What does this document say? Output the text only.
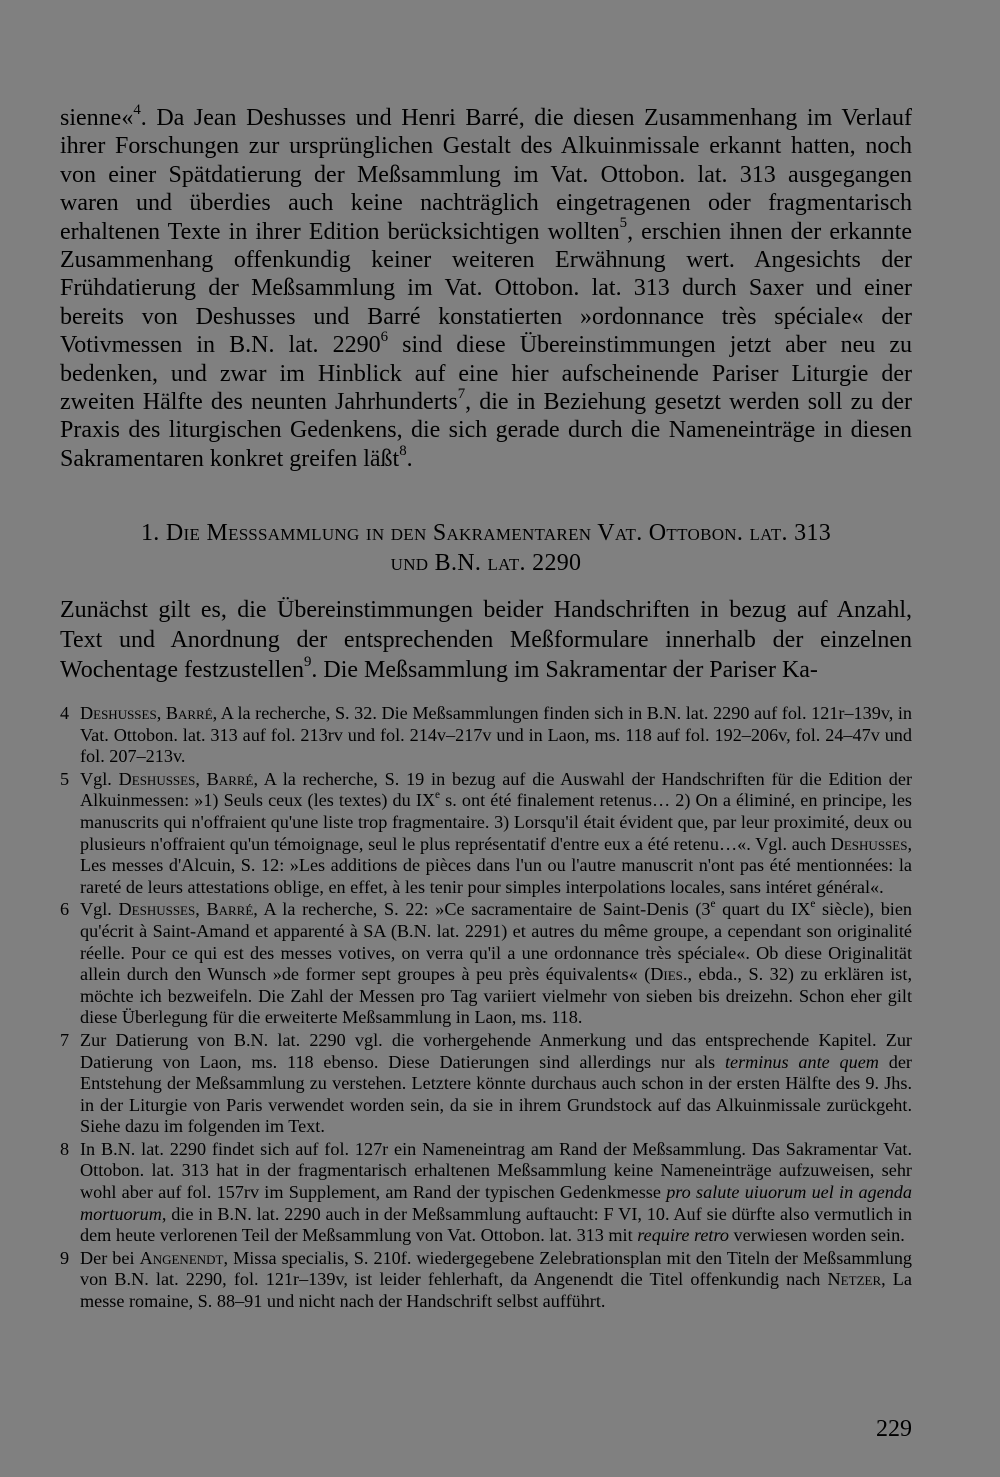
sienne«$^4$. Da Jean Deshusses und Henri Barré, die diesen Zusammenhang im Verlauf ihrer Forschungen zur ursprünglichen Gestalt des Alkuinmissale erkannt hatten, noch von einer Spätdatierung der Meßsammlung im Vat. Ottobon. lat. 313 ausgegangen waren und überdies auch keine nachträglich eingetragenen oder fragmentarisch erhaltenen Texte in ihrer Edition berücksichtigen wollten$^5$, erschien ihnen der erkannte Zusammenhang offenkundig keiner weiteren Erwähnung wert. Angesichts der Frühdatierung der Meßsammlung im Vat. Ottobon. lat. 313 durch Saxer und einer bereits von Deshusses und Barré konstatierten »ordonnance très spéciale« der Votivmessen in B.N. lat. 2290$^6$ sind diese Übereinstimmungen jetzt aber neu zu bedenken, und zwar im Hinblick auf eine hier aufscheinende Pariser Liturgie der zweiten Hälfte des neunten Jahrhunderts$^7$, die in Beziehung gesetzt werden soll zu der Praxis des liturgischen Gedenkens, die sich gerade durch die Nameneinträge in diesen Sakramentaren konkret greifen läßt$^8$.

1. Die Meßsammlung in den Sakramentaren Vat. Ottobon. lat. 313
und B.N. lat. 2290

Zunächst gilt es, die Übereinstimmungen beider Handschriften in bezug auf Anzahl, Text und Anordnung der entsprechenden Meßformulare innerhalb der einzelnen Wochentage festzustellen$^9$. Die Meßsammlung im Sakramentar der Pariser Ka-

4 Deshusses, Barré, A la recherche, S. 32. Die Meßsammlungen finden sich in B.N. lat. 2290 auf fol. 121r–139v, in Vat. Ottobon. lat. 313 auf fol. 213rv und fol. 214v–217v und in Laon, ms. 118 auf fol. 192–206v, fol. 24–47v und fol. 207–213v.

5 Vgl. Deshusses, Barré, A la recherche, S. 19 in bezug auf die Auswahl der Handschriften für die Edition der Alkuinmessen: »1) Seuls ceux (les textes) du IXe s. ont été finalement retenus… 2) On a éliminé, en principe, les manuscrits qui n'offraient qu'une liste trop fragmentaire. 3) Lorsqu'il était évident que, par leur proximité, deux ou plusieurs n'offraient qu'un témoignage, seul le plus représentatif d'entre eux a été retenu…«. Vgl. auch Deshusses, Les messes d'Alcuin, S. 12: »Les additions de pièces dans l'un ou l'autre manuscrit n'ont pas été mentionnées: la rareté de leurs attestations oblige, en effet, à les tenir pour simples interpolations locales, sans intéret général«.

6 Vgl. Deshusses, Barré, A la recherche, S. 22: »Ce sacramentaire de Saint-Denis (3e quart du IXe siècle), bien qu'écrit à Saint-Amand et apparenté à SA (B.N. lat. 2291) et autres du même groupe, a cependant son originalité réelle. Pour ce qui est des messes votives, on verra qu'il a une ordonnance très spéciale«. Ob diese Originalität allein durch den Wunsch »de former sept groupes à peu près équivalents« (Dies., ebda., S. 32) zu erklären ist, möchte ich bezweifeln. Die Zahl der Messen pro Tag variiert vielmehr von sieben bis dreizehn. Schon eher gilt diese Überlegung für die erweiterte Meßsammlung in Laon, ms. 118.

7 Zur Datierung von B.N. lat. 2290 vgl. die vorhergehende Anmerkung und das entsprechende Kapitel. Zur Datierung von Laon, ms. 118 ebenso. Diese Datierungen sind allerdings nur als terminus ante quem der Entstehung der Meßsammlung zu verstehen. Letztere könnte durchaus auch schon in der ersten Hälfte des 9. Jhs. in der Liturgie von Paris verwendet worden sein, da sie in ihrem Grundstock auf das Alkuinmissale zurückgeht. Siehe dazu im folgenden im Text.

8 In B.N. lat. 2290 findet sich auf fol. 127r ein Nameneintrag am Rand der Meßsammlung. Das Sakramentar Vat. Ottobon. lat. 313 hat in der fragmentarisch erhaltenen Meßsammlung keine Nameneinträge aufzuweisen, sehr wohl aber auf fol. 157rv im Supplement, am Rand der typischen Gedenkmesse pro salute uiuorum uel in agenda mortuorum, die in B.N. lat. 2290 auch in der Meßsammlung auftaucht: F VI, 10. Auf sie dürfte also vermutlich in dem heute verlorenen Teil der Meßsammlung von Vat. Ottobon. lat. 313 mit require retro verwiesen worden sein.

9 Der bei Angenendt, Missa specialis, S. 210f. wiedergegebene Zelebrationsplan mit den Titeln der Meßsammlung von B.N. lat. 2290, fol. 121r–139v, ist leider fehlerhaft, da Angenendt die Titel offenkundig nach Netzer, La messe romaine, S. 88–91 und nicht nach der Handschrift selbst aufführt.

229
